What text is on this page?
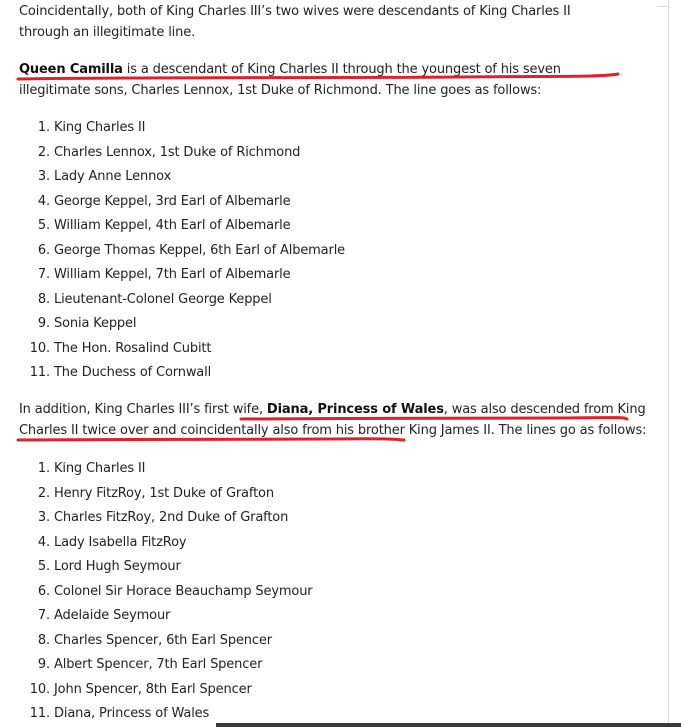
Coincidentally, both of King Charles III’s two wives were descendants of King Charles II through an illegitimate line.

Queen Camilla is a descendant of King Charles II through the youngest of his seven illegitimate sons, Charles Lennox, 1st Duke of Richmond. The line goes as follows:

1. King Charles II
2. Charles Lennox, 1st Duke of Richmond
3. Lady Anne Lennox
4. George Keppel, 3rd Earl of Albemarle
5. William Keppel, 4th Earl of Albemarle
6. George Thomas Keppel, 6th Earl of Albemarle
7. William Keppel, 7th Earl of Albemarle
8. Lieutenant-Colonel George Keppel
9. Sonia Keppel
10. The Hon. Rosalind Cubitt
11. The Duchess of Cornwall

In addition, King Charles III’s first wife, Diana, Princess of Wales, was also descended from King Charles II twice over and coincidentally also from his brother King James II. The lines go as follows:

1. King Charles II
2. Henry FitzRoy, 1st Duke of Grafton
3. Charles FitzRoy, 2nd Duke of Grafton
4. Lady Isabella FitzRoy
5. Lord Hugh Seymour
6. Colonel Sir Horace Beauchamp Seymour
7. Adelaide Seymour
8. Charles Spencer, 6th Earl Spencer
9. Albert Spencer, 7th Earl Spencer
10. John Spencer, 8th Earl Spencer
11. Diana, Princess of Wales
